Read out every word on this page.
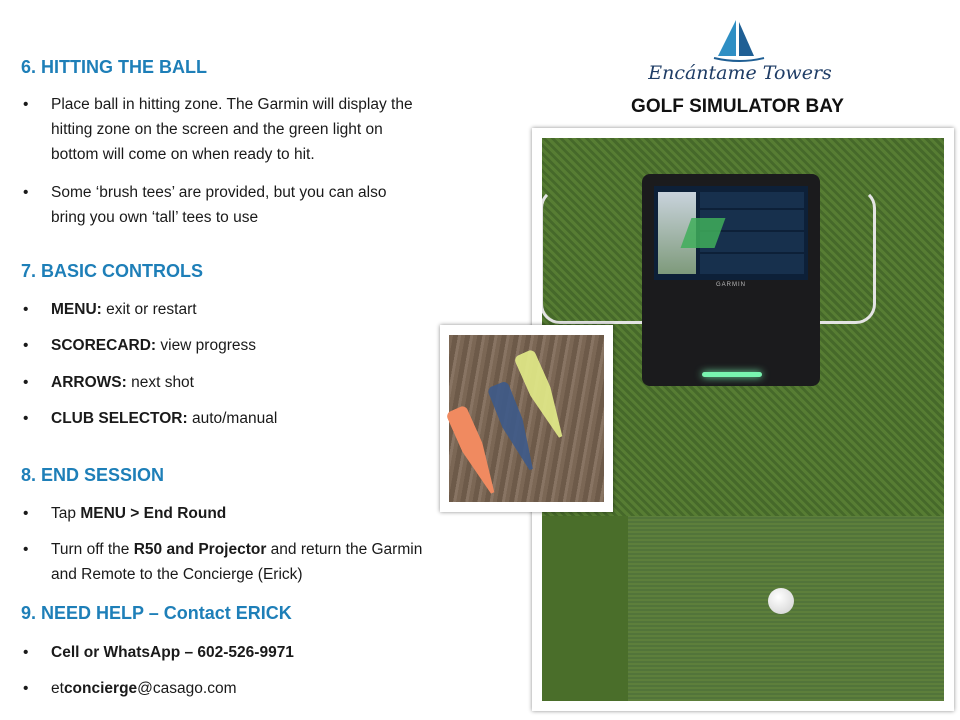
6. HITTING THE BALL
• Place ball in hitting zone. The Garmin will display the
hitting zone on the screen and the green light on
bottom will come on when ready to hit.
• Some ‘brush tees’ are provided, but you can also
bring you own ‘tall’ tees to use
7. BASIC CONTROLS
• MENU: exit or restart
• SCORECARD: view progress
• ARROWS: next shot
• CLUB SELECTOR: auto/manual
8. END SESSION
• Tap MENU > End Round
• Turn off the R50 and Projector and return the Garmin
and Remote to the Concierge (Erick)
9. NEED HELP – Contact ERICK
• Cell or WhatsApp – 602-526-9971
• etconcierge@casago.com
Encántame Towers
GOLF SIMULATOR BAY
GARMIN
